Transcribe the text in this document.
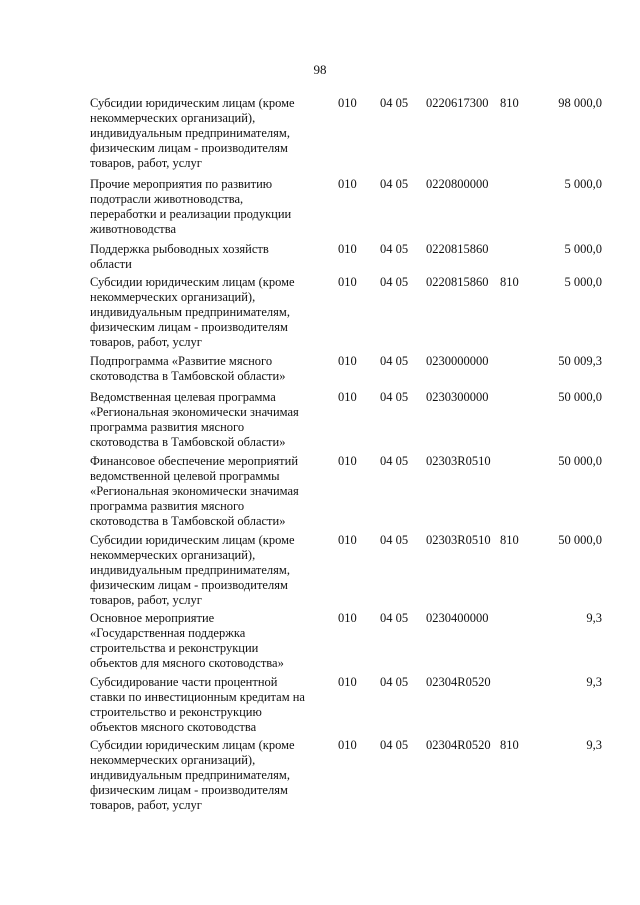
98
Субсидии юридическим лицам (кроме
некоммерческих организаций),
индивидуальным предпринимателям,
физическим лицам - производителям
товаров, работ, услуг
010 04 05 0220617300 810	98 000,0
Прочие мероприятия по развитию
подотрасли животноводства,
переработки и реализации продукции
животноводства
010 04 05 0220800000	5 000,0
Поддержка рыбоводных хозяйств
области
010 04 05 0220815860	5 000,0
Субсидии юридическим лицам (кроме
некоммерческих организаций),
индивидуальным предпринимателям,
физическим лицам - производителям
товаров, работ, услуг
010 04 05 0220815860 810	5 000,0
Подпрограмма «Развитие мясного
скотоводства в Тамбовской области»
010 04 05 0230000000	50 009,3
Ведомственная целевая программа
«Региональная экономически значимая
программа развития мясного
скотоводства в Тамбовской области»
010 04 05 0230300000	50 000,0
Финансовое обеспечение мероприятий
ведомственной целевой программы
«Региональная экономически значимая
программа развития мясного
скотоводства в Тамбовской области»
010 04 05 02303R0510	50 000,0
Субсидии юридическим лицам (кроме
некоммерческих организаций),
индивидуальным предпринимателям,
физическим лицам - производителям
товаров, работ, услуг
010 04 05 02303R0510 810	50 000,0
Основное мероприятие
«Государственная поддержка
строительства и реконструкции
объектов для мясного скотоводства»
010 04 05 0230400000	9,3
Субсидирование части процентной
ставки по инвестиционным кредитам на
строительство и реконструкцию
объектов мясного скотоводства
010 04 05 02304R0520	9,3
Субсидии юридическим лицам (кроме
некоммерческих организаций),
индивидуальным предпринимателям,
физическим лицам - производителям
товаров, работ, услуг
010 04 05 02304R0520 810	9,3
